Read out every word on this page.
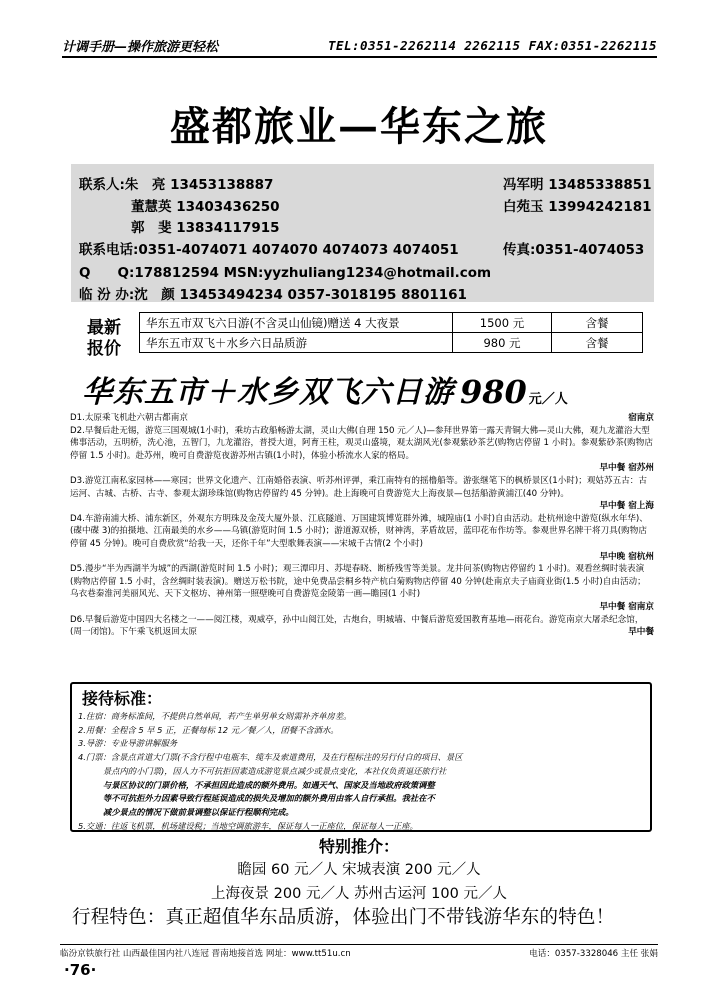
计调手册—操作旅游更轻松	TEL:0351-2262114 2262115 FAX:0351-2262115
盛都旅业—华东之旅
联系人:朱　亮 13453138887	冯军明 13485338851
董慧英 13403436250	白苑玉 13994242181
郭　斐 13834117915
联系电话:0351-4074071 4074070 4074073 4074051	传真:0351-4074053
Q　　Q:178812594 MSN:yyzhuliang1234@hotmail.com
临 汾 办:沈　颜 13453494234 0357-3018195 8801161
最新
报价
华东五市双飞六日游(不含灵山仙镜)赠送 4 大夜景	1500 元	含餐
华东五市双飞＋水乡六日品质游	980 元	含餐
华东五市＋水乡双飞六日游 980 元／人
D1.太原乘飞机赴六朝古都南京	宿南京
D2.早餐后赴无锡，游览三国观城(1小时)，乘坊古政船畅游太湖，灵山大佛(自理 150 元／人)—参拜世界第一露天青铜大佛—灵山大佛，观九龙灌浴大型佛事活动，五明桥，洗心池，五智门，九龙灌浴，普授大道，阿育王柱，观灵山盛境，观太湖风光(参观紫砂茶艺(购物店停留 1 小时)。参观紫砂茶(购物店停留 1.5 小时)。赴苏州，晚可自费游览夜游苏州古镇(1小时)，体验小桥流水人家的格局。
早中餐 宿苏州
D3.游览江南私家园林——寒园；世界文化遗产、江南婚俗表演、听苏州评弹，乘江南特有的摇橹船等。游张继笔下的枫桥景区(1小时)；观姑苏五古：古运河、古城、古桥、古寺、参观太湖珍珠馆(购物店停留约 45 分钟)。赴上海晚可自费游览大上海夜景—包括船游黄浦江(40 分钟)。
早中餐 宿上海
D4.车游南浦大桥、浦东新区，外观东方明珠及金茂大厦外景、江底隧道、万国建筑博览群外滩，城隍庙(1 小时)自由活动。赴杭州途中游览(纵水年华)、(碟中碟 3)的拍摄地、江南最美的水乡——乌镇(游览时间 1.5 小时)；游道源双桥，财神湾，茅盾故居，蓝印花布作坊等。参观世界名牌干将刀具(购物店停留 45 分钟)。晚可自费欣赏“给我一天，还你千年”大型歌舞表演——宋城千古情(2 个小时)
早中晚 宿杭州
D5.漫步“半为西湖半为城”的西湖(游览时间 1.5 小时)；观三潭印月、苏堤春晓、断桥残雪等美景。龙井问茶(购物店停留约 1 小时)。观看丝绸时装表演(购物店停留 1.5 小时，含丝绸时装表演)。赠送万松书院，途中免费品尝桐乡特产杭白菊购物店停留 40 分钟(赴南京夫子庙商业街(1.5 小时)自由活动；乌衣巷秦淮河美丽风光、天下文枢坊、神州第一照壁晚可自费游览金陵第一画—瞻园(1 小时)
早中餐 宿南京
D6.早餐后游览中国四大名楼之一——阅江楼，观威亭，孙中山阅江处，古炮台，明城墙、中餐后游览爱国教育基地—雨花台。游览南京大屠杀纪念馆，(周一闭馆)。下午乘飞机返回太原	早中餐
接待标准：
1.住宿：商务标准间，不提供自然单间，若产生单男单女则需补齐单房差。
2.用餐：全程含 5 早 5 正，正餐每标 12 元／餐／人，团餐不含酒水。
3.导游：专业导游讲解服务
4.门票：含景点首道大门票(不含行程中电瓶车、缆车及索道费用，及在行程标注的另行付自的项目、景区
　　　景点内的小门票)，因人力不可抗拒因素造成游览景点减少或景点变化，本社仅负责退还旅行社
　　　与景区协议的门票价格，不承担因此造成的额外费用。如遇天气、国家及当地政府政策调整
　　　等不可抗拒外力因素导致行程延误造成的损失及增加的额外费用由客人自行承担。我社在不
　　　减少景点的情况下做前景调整以保证行程顺利完成。
5.交通：往返飞机票，机场建设税；当地空调旅游车，保证每人一正座位，保证每人一正座。
特别推介：
瞻园 60 元／人 宋城表演 200 元／人
上海夜景 200 元／人 苏州古运河 100 元／人
行程特色：真正超值华东品质游，体验出门不带钱游华东的特色！
临汾京铁旅行社 山西最佳国内社八连冠 晋南地接首选 网址：www.tt51u.cn	电话：0357-3328046 主任 张娟
·76·
